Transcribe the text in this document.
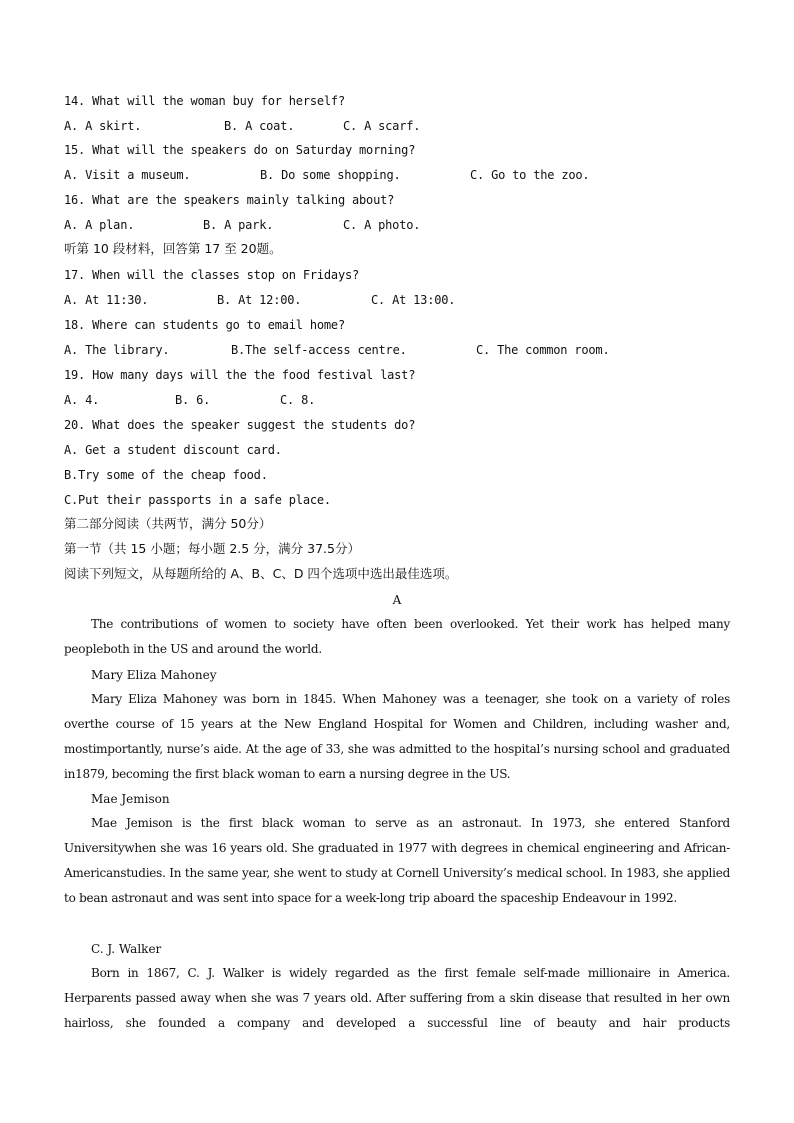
14. What will the woman buy for herself?
A. A skirt.	B. A coat.	C. A scarf.
15. What will the speakers do on Saturday morning?
A. Visit a museum.	B. Do some shopping.	C. Go to the zoo.
16. What are the speakers mainly talking about?
A. A plan.	B. A park.	C. A photo.
听第 10 段材料，回答第 17 至 20题。
17. When will the classes stop on Fridays?
A. At 11:30.	B. At 12:00.	C. At 13:00.
18. Where can students go to email home?
A. The library.	B.The self-access centre.	C. The common room.
19. How many days will the the food festival last?
A. 4.	B. 6.	C. 8.
20. What does the speaker suggest the students do?
A. Get a student discount card.
B.Try some of the cheap food.
C.Put their passports in a safe place.
第二部分阅读（共两节，满分 50分）
第一节（共 15 小题；每小题 2.5 分，满分 37.5分）
阅读下列短文，从每题所给的 A、B、C、D 四个选项中选出最佳选项。
A
The contributions of women to society have often been overlooked. Yet their work has helped many peopleboth in the US and around the world.
Mary Eliza Mahoney
Mary Eliza Mahoney was born in 1845. When Mahoney was a teenager, she took on a variety of roles overthe course of 15 years at the New England Hospital for Women and Children, including washer and, mostimportantly, nurse’s aide. At the age of 33, she was admitted to the hospital’s nursing school and graduated in1879, becoming the first black woman to earn a nursing degree in the US.
Mae Jemison
Mae Jemison is the first black woman to serve as an astronaut. In 1973, she entered Stanford Universitywhen she was 16 years old. She graduated in 1977 with degrees in chemical engineering and African-Americanstudies. In the same year, she went to study at Cornell University’s medical school. In 1983, she applied to bean astronaut and was sent into space for a week-long trip aboard the spaceship Endeavour in 1992.
C. J. Walker
Born in 1867, C. J. Walker is widely regarded as the first female self-made millionaire in America. Herparents passed away when she was 7 years old. After suffering from a skin disease that resulted in her own hairloss, she founded a company and developed a successful line of beauty and hair products
